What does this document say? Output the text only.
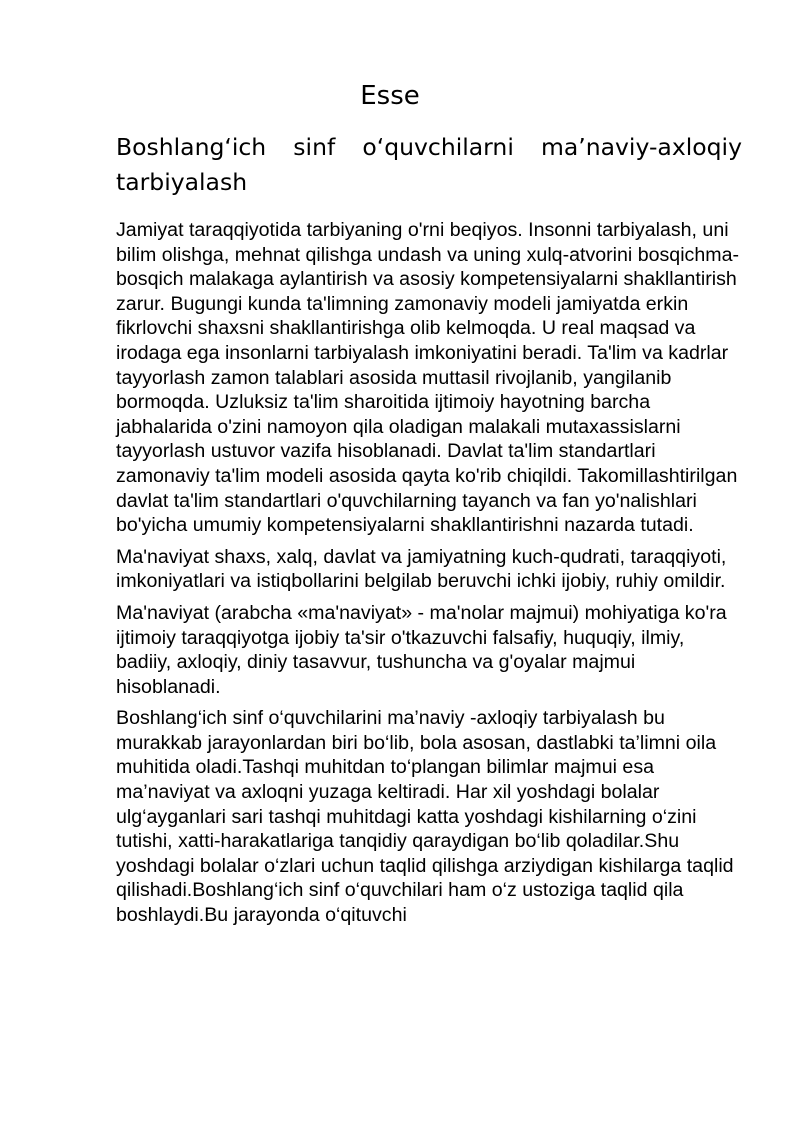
Esse
Boshlang‘ich sinf o‘quvchilarni ma’naviy-axloqiy tarbiyalash

Jamiyat taraqqiyotida tarbiyaning o'rni beqiyos. Insonni tarbiyalash, uni bilim olishga, mehnat qilishga undash va uning xulq-atvorini bosqichma-bosqich malakaga aylantirish va asosiy kompetensiyalarni shakllantirish zarur. Bugungi kunda ta'limning zamonaviy modeli jamiyatda erkin fikrlovchi shaxsni shakllantirishga olib kelmoqda. U real maqsad va irodaga ega insonlarni tarbiyalash imkoniyatini beradi. Ta'lim va kadrlar tayyorlash zamon talablari asosida muttasil rivojlanib, yangilanib bormoqda. Uzluksiz ta'lim sharoitida ijtimoiy hayotning barcha jabhalarida o'zini namoyon qila oladigan malakali mutaxassislarni tayyorlash ustuvor vazifa hisoblanadi. Davlat ta'lim standartlari zamonaviy ta'lim modeli asosida qayta ko'rib chiqildi. Takomillashtirilgan davlat ta'lim standartlari o'quvchilarning tayanch va fan yo'nalishlari bo'yicha umumiy kompetensiyalarni shakllantirishni nazarda tutadi.

Ma'naviyat shaxs, xalq, davlat va jamiyatning kuch-qudrati, taraqqiyoti, imkoniyatlari va istiqbollarini belgilab beruvchi ichki ijobiy, ruhiy omildir.

Ma'naviyat (arabcha «ma'naviyat» - ma'nolar majmui) mohiyatiga ko'ra ijtimoiy taraqqiyotga ijobiy ta'sir o'tkazuvchi falsafiy, huquqiy, ilmiy, badiiy, axloqiy, diniy tasavvur, tushuncha va g'oyalar majmui hisoblanadi.

Boshlang‘ich sinf o‘quvchilarini ma’naviy -axloqiy tarbiyalash bu murakkab jarayonlardan biri bo‘lib, bola asosan, dastlabki ta’limni oila muhitida oladi.Tashqi muhitdan to‘plangan bilimlar majmui esa ma’naviyat va axloqni yuzaga keltiradi. Har xil yoshdagi bolalar ulg‘ayganlari sari tashqi muhitdagi katta yoshdagi kishilarning o‘zini tutishi, xatti-harakatlariga tanqidiy qaraydigan bo‘lib qoladilar.Shu yoshdagi bolalar o‘zlari uchun taqlid qilishga arziydigan kishilarga taqlid qilishadi.Boshlang‘ich sinf o‘quvchilari ham o‘z ustoziga taqlid qila boshlaydi.Bu jarayonda o‘qituvchi
